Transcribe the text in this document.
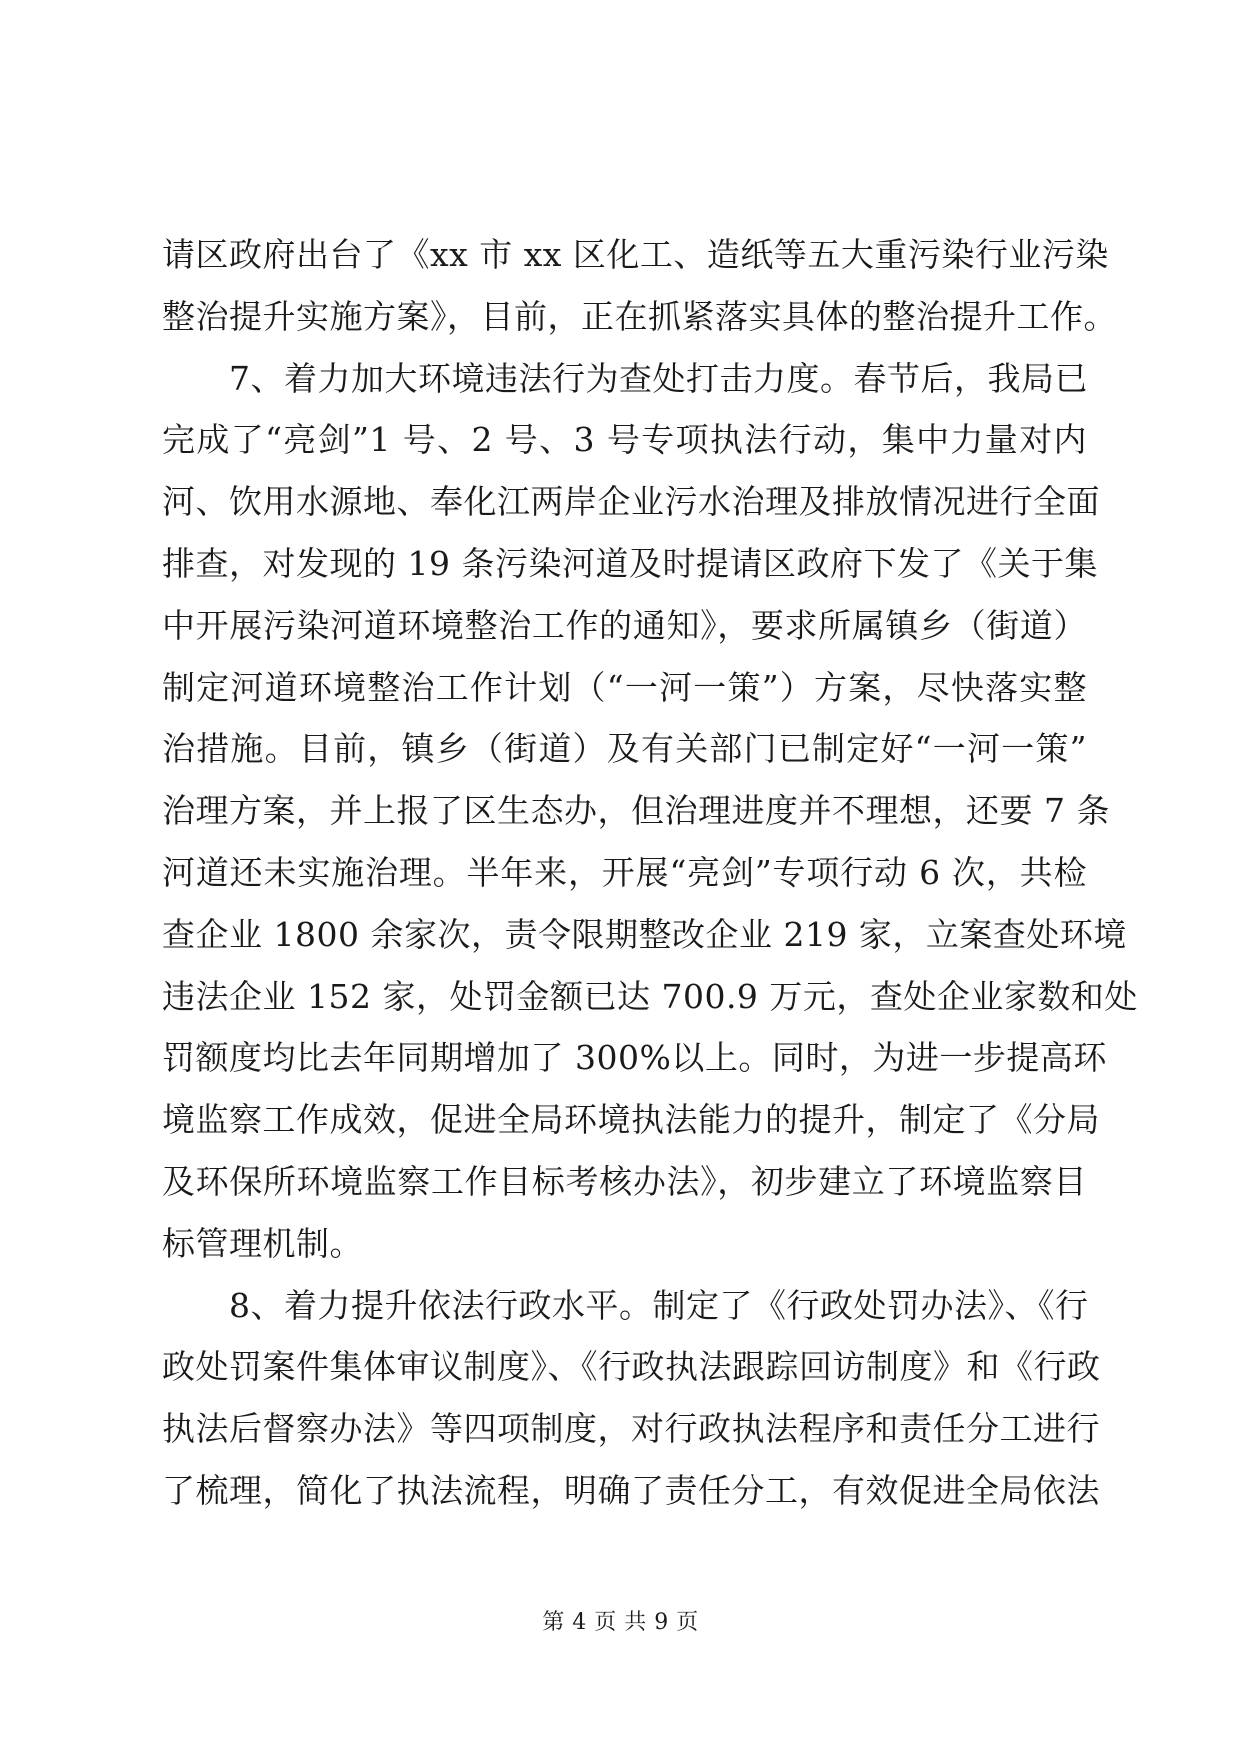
请区政府出台了《xx 市 xx 区化工、造纸等五大重污染行业污染
整治提升实施方案》，目前，正在抓紧落实具体的整治提升工作。
7、着力加大环境违法行为查处打击力度。春节后，我局已
完成了“亮剑”1 号、2 号、3 号专项执法行动，集中力量对内
河、饮用水源地、奉化江两岸企业污水治理及排放情况进行全面
排查，对发现的 19 条污染河道及时提请区政府下发了《关于集
中开展污染河道环境整治工作的通知》，要求所属镇乡（街道）
制定河道环境整治工作计划（“一河一策”）方案，尽快落实整
治措施。目前，镇乡（街道）及有关部门已制定好“一河一策”
治理方案，并上报了区生态办，但治理进度并不理想，还要 7 条
河道还未实施治理。半年来，开展“亮剑”专项行动 6 次，共检
查企业 1800 余家次，责令限期整改企业 219 家，立案查处环境
违法企业 152 家，处罚金额已达 700.9 万元，查处企业家数和处
罚额度均比去年同期增加了 300%以上。同时，为进一步提高环
境监察工作成效，促进全局环境执法能力的提升，制定了《分局
及环保所环境监察工作目标考核办法》，初步建立了环境监察目
标管理机制。
8、着力提升依法行政水平。制定了《行政处罚办法》、《行
政处罚案件集体审议制度》、《行政执法跟踪回访制度》和《行政
执法后督察办法》等四项制度，对行政执法程序和责任分工进行
了梳理，简化了执法流程，明确了责任分工，有效促进全局依法
第 4 页 共 9 页
